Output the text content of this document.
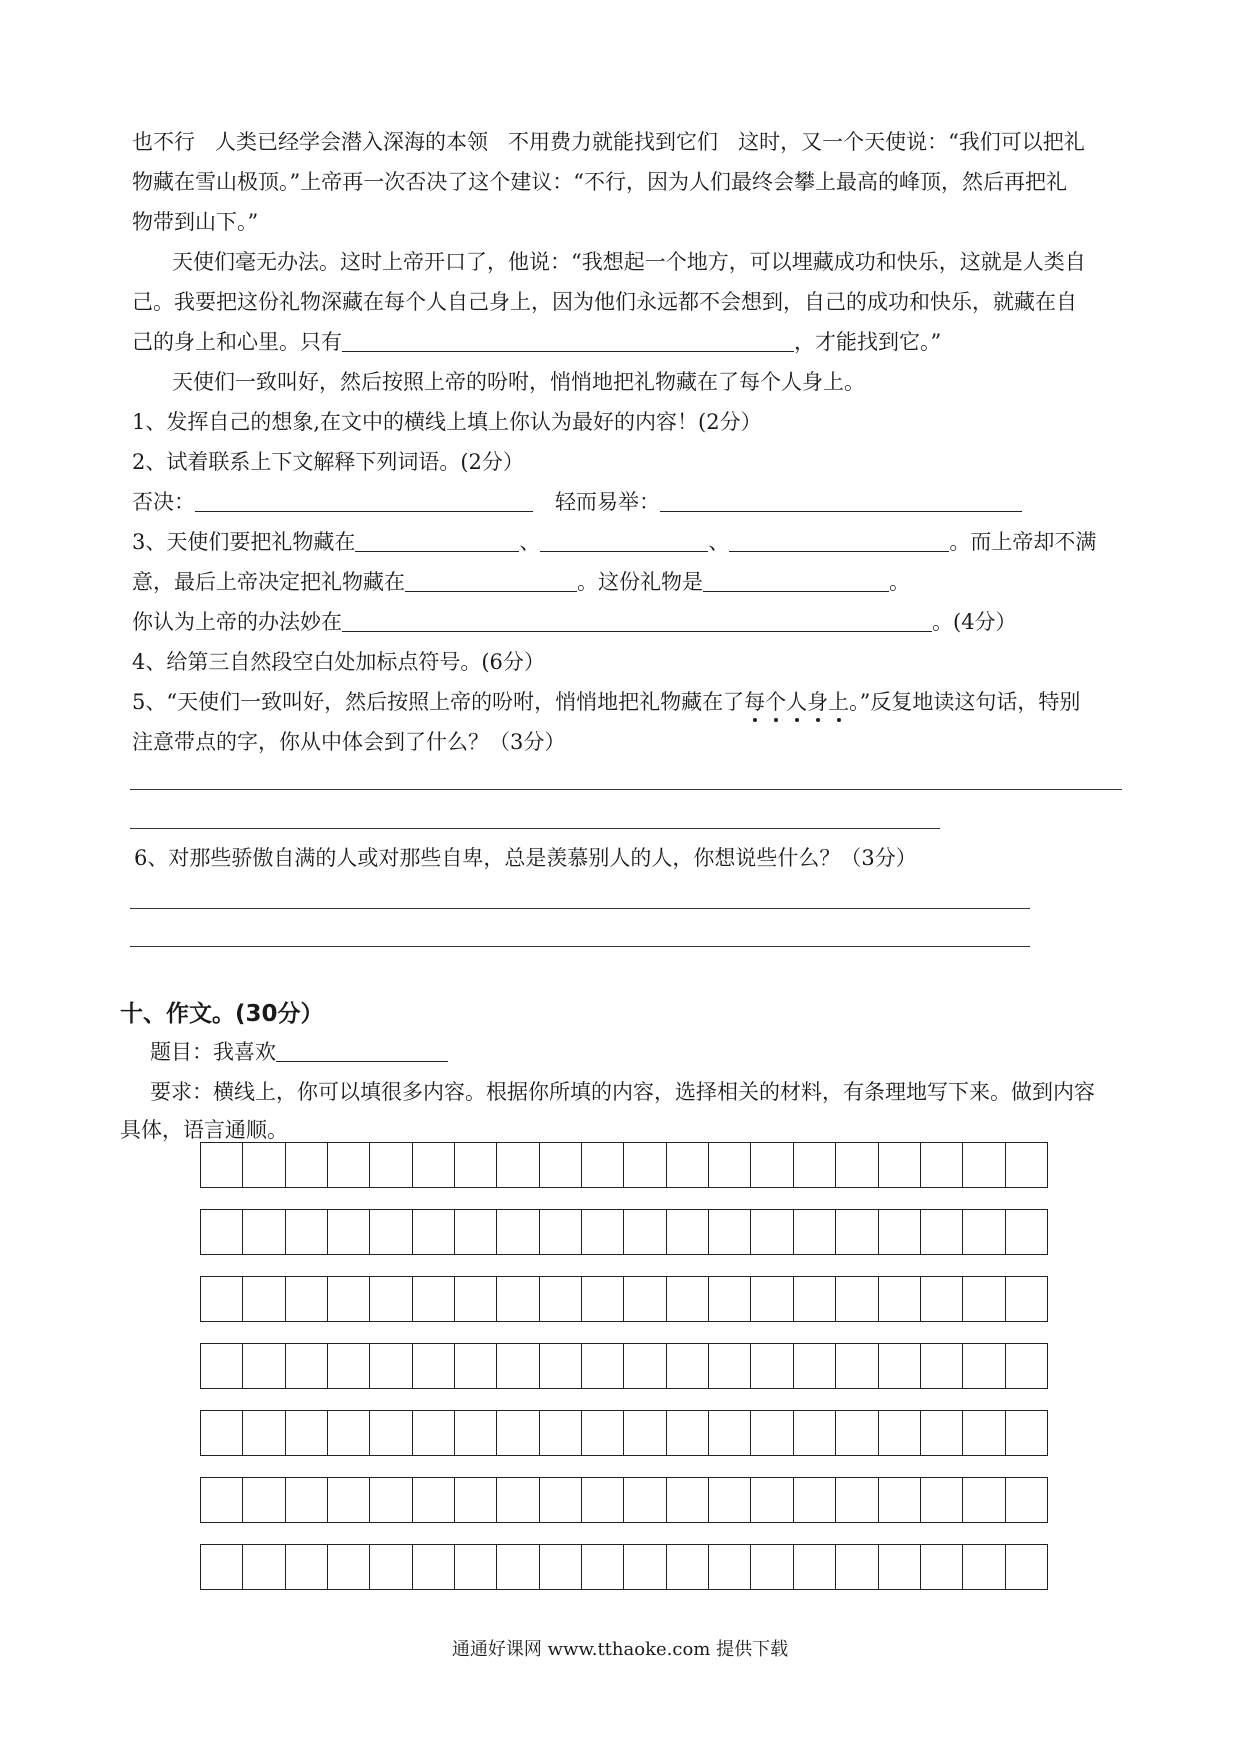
也不行   人类已经学会潜入深海的本领   不用费力就能找到它们   这时，又一个天使说：“我们可以把礼
物藏在雪山极顶。”上帝再一次否决了这个建议：“不行，因为人们最终会攀上最高的峰顶，然后再把礼
物带到山下。”
天使们毫无办法。这时上帝开口了，他说：“我想起一个地方，可以埋藏成功和快乐，这就是人类自
己。我要把这份礼物深藏在每个人自己身上，因为他们永远都不会想到，自己的成功和快乐，就藏在自
己的身上和心里。只有	，才能找到它。”
天使们一致叫好，然后按照上帝的吩咐，悄悄地把礼物藏在了每个人身上。
1、发挥自己的想象,在文中的横线上填上你认为最好的内容！(2分）
2、试着联系上下文解释下列词语。(2分）
否决：	轻而易举：
3、天使们要把礼物藏在	、	、	。而上帝却不满
意，最后上帝决定把礼物藏在	。这份礼物是	。
你认为上帝的办法妙在	。(4分）
4、给第三自然段空白处加标点符号。(6分）
5、“天使们一致叫好，然后按照上帝的吩咐，悄悄地把礼物藏在了每
个
人
身
上
。”反复地读这句话，特别
注意带点的字，你从中体会到了什么？（3分）
6、对那些骄傲自满的人或对那些自卑，总是羡慕别人的人，你想说些什么？（3分）
十、作文。(30分）
题目：我喜欢
要求：横线上，你可以填很多内容。根据你所填的内容，选择相关的材料，有条理地写下来。做到内容
具体，语言通顺。
通通好课网 www.tthaoke.com 提供下载
